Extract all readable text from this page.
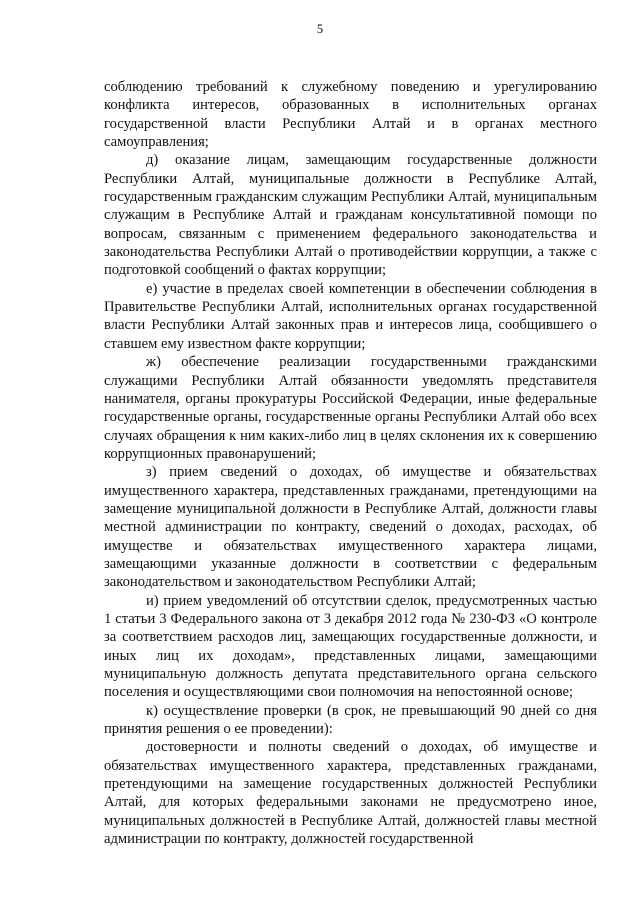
5

соблюдению требований к служебному поведению и урегулированию конфликта интересов, образованных в исполнительных органах государственной власти Республики Алтай и в органах местного самоуправления;

д) оказание лицам, замещающим государственные должности Республики Алтай, муниципальные должности в Республике Алтай, государственным гражданским служащим Республики Алтай, муниципальным служащим в Республике Алтай и гражданам консультативной помощи по вопросам, связанным с применением федерального законодательства и законодательства Республики Алтай о противодействии коррупции, а также с подготовкой сообщений о фактах коррупции;

е) участие в пределах своей компетенции в обеспечении соблюдения в Правительстве Республики Алтай, исполнительных органах государственной власти Республики Алтай законных прав и интересов лица, сообщившего о ставшем ему известном факте коррупции;

ж) обеспечение реализации государственными гражданскими служащими Республики Алтай обязанности уведомлять представителя нанимателя, органы прокуратуры Российской Федерации, иные федеральные государственные органы, государственные органы Республики Алтай обо всех случаях обращения к ним каких-либо лиц в целях склонения их к совершению коррупционных правонарушений;

з) прием сведений о доходах, об имуществе и обязательствах имущественного характера, представленных гражданами, претендующими на замещение муниципальной должности в Республике Алтай, должности главы местной администрации по контракту, сведений о доходах, расходах, об имуществе и обязательствах имущественного характера лицами, замещающими указанные должности в соответствии с федеральным законодательством и законодательством Республики Алтай;

и) прием уведомлений об отсутствии сделок, предусмотренных частью 1 статьи 3 Федерального закона от 3 декабря 2012 года № 230-ФЗ «О контроле за соответствием расходов лиц, замещающих государственные должности, и иных лиц их доходам», представленных лицами, замещающими муниципальную должность депутата представительного органа сельского поселения и осуществляющими свои полномочия на непостоянной основе;

к) осуществление проверки (в срок, не превышающий 90 дней со дня принятия решения о ее проведении):

достоверности и полноты сведений о доходах, об имуществе и обязательствах имущественного характера, представленных гражданами, претендующими на замещение государственных должностей Республики Алтай, для которых федеральными законами не предусмотрено иное, муниципальных должностей в Республике Алтай, должностей главы местной администрации по контракту, должностей государственной
